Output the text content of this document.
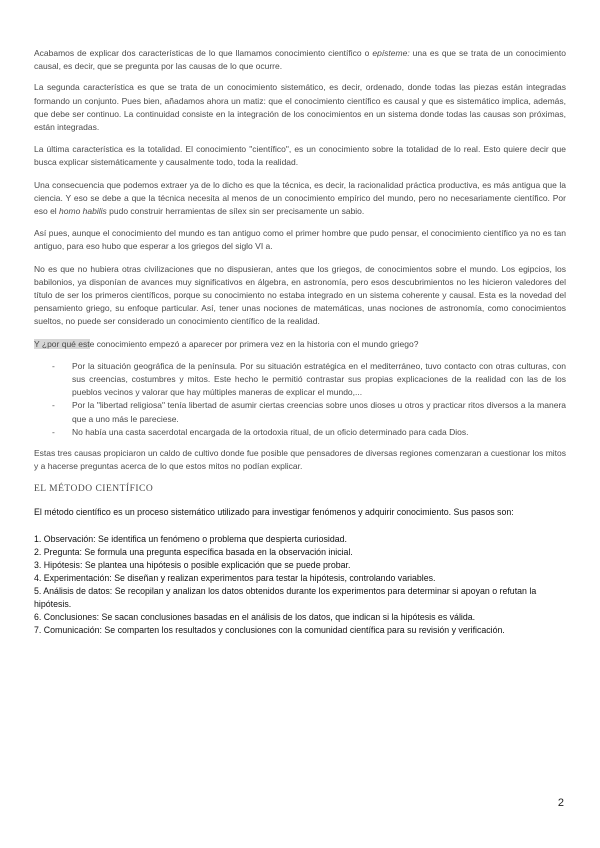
Acabamos de explicar dos características de lo que llamamos conocimiento científico o epísteme: una es que se trata de un conocimiento causal, es decir, que se pregunta por las causas de lo que ocurre.

La segunda característica es que se trata de un conocimiento sistemático, es decir, ordenado, donde todas las piezas están integradas formando un conjunto. Pues bien, añadamos ahora un matiz: que el conocimiento científico es causal y que es sistemático implica, además, que debe ser continuo. La continuidad consiste en la integración de los conocimientos en un sistema donde todas las causas son próximas, están integradas.

La última característica es la totalidad. El conocimiento "científico", es un conocimiento sobre la totalidad de lo real. Esto quiere decir que busca explicar sistemáticamente y causalmente todo, toda la realidad.

Una consecuencia que podemos extraer ya de lo dicho es que la técnica, es decir, la racionalidad práctica productiva, es más antigua que la ciencia. Y eso se debe a que la técnica necesita al menos de un conocimiento empírico del mundo, pero no necesariamente científico. Por eso el homo habilis pudo construir herramientas de sílex sin ser precisamente un sabio.

Así pues, aunque el conocimiento del mundo es tan antiguo como el primer hombre que pudo pensar, el conocimiento científico ya no es tan antiguo, para eso hubo que esperar a los griegos del siglo VI a.

No es que no hubiera otras civilizaciones que no dispusieran, antes que los griegos, de conocimientos sobre el mundo. Los egipcios, los babilonios, ya disponían de avances muy significativos en álgebra, en astronomía, pero esos descubrimientos no les hicieron valedores del título de ser los primeros científicos, porque su conocimiento no estaba integrado en un sistema coherente y causal. Esta es la novedad del pensamiento griego, su enfoque particular. Así, tener unas nociones de matemáticas, unas nociones de astronomía, como conocimientos sueltos, no puede ser considerado un conocimiento científico de la realidad.

Y ¿por qué este conocimiento empezó a aparecer por primera vez en la historia con el mundo griego?

- Por la situación geográfica de la península. Por su situación estratégica en el mediterráneo, tuvo contacto con otras culturas, con sus creencias, costumbres y mitos. Este hecho le permitió contrastar sus propias explicaciones de la realidad con las de los pueblos vecinos y valorar que hay múltiples maneras de explicar el mundo,...
- Por la "libertad religiosa" tenía libertad de asumir ciertas creencias sobre unos dioses u otros y practicar ritos diversos a la manera que a uno más le pareciese.
- No había una casta sacerdotal encargada de la ortodoxia ritual, de un oficio determinado para cada Dios.

Estas tres causas propiciaron un caldo de cultivo donde fue posible que pensadores de diversas regiones comenzaran a cuestionar los mitos y a hacerse preguntas acerca de lo que estos mitos no podían explicar.

EL MÉTODO CIENTÍFICO

El método científico es un proceso sistemático utilizado para investigar fenómenos y adquirir conocimiento. Sus pasos son:

1. Observación: Se identifica un fenómeno o problema que despierta curiosidad.
2. Pregunta: Se formula una pregunta específica basada en la observación inicial.
3. Hipótesis: Se plantea una hipótesis o posible explicación que se puede probar.
4. Experimentación: Se diseñan y realizan experimentos para testar la hipótesis, controlando variables.
5. Análisis de datos: Se recopilan y analizan los datos obtenidos durante los experimentos para determinar si apoyan o refutan la hipótesis.
6. Conclusiones: Se sacan conclusiones basadas en el análisis de los datos, que indican si la hipótesis es válida.
7. Comunicación: Se comparten los resultados y conclusiones con la comunidad científica para su revisión y verificación.
2
